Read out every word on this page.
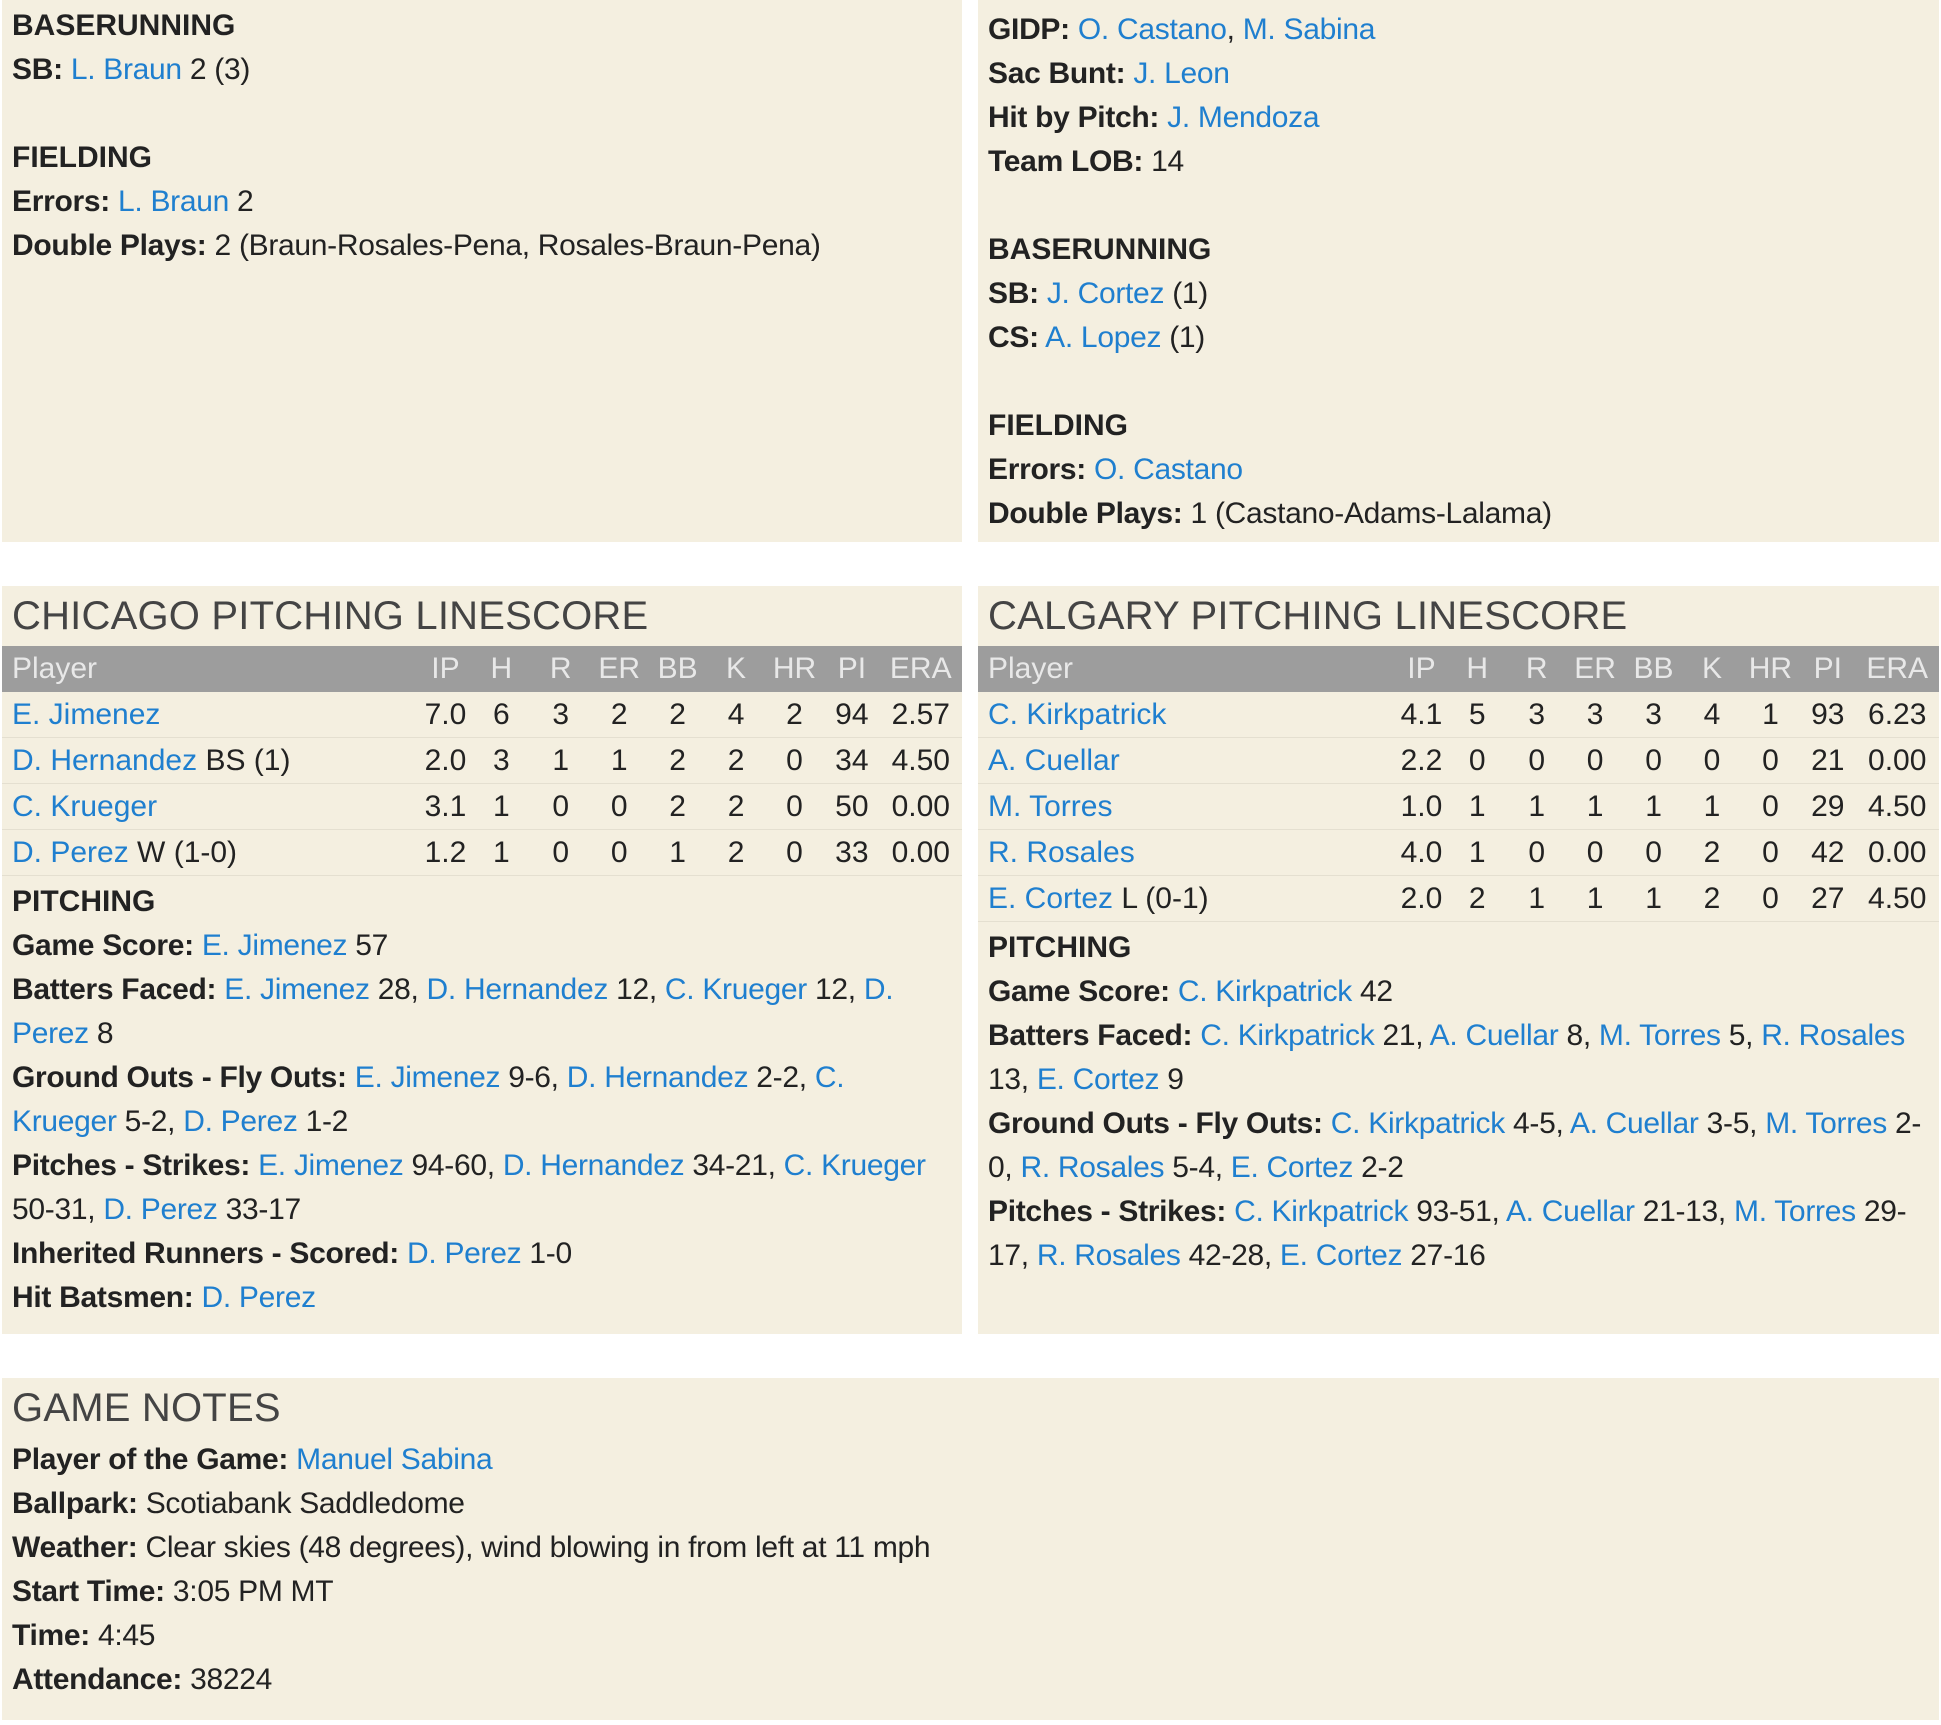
BASERUNNING
SB: L. Braun 2 (3)
FIELDING
Errors: L. Braun 2
Double Plays: 2 (Braun-Rosales-Pena, Rosales-Braun-Pena)
GIDP: O. Castano, M. Sabina
Sac Bunt: J. Leon
Hit by Pitch: J. Mendoza
Team LOB: 14
BASERUNNING
SB: J. Cortez (1)
CS: A. Lopez (1)
FIELDING
Errors: O. Castano
Double Plays: 1 (Castano-Adams-Lalama)
CHICAGO PITCHING LINESCORE
Player	IP	H	R	ER	BB	K	HR	PI	ERA
E. Jimenez	7.0	6	3	2	2	4	2	94	2.57
D. Hernandez BS (1)	2.0	3	1	1	2	2	0	34	4.50
C. Krueger	3.1	1	0	0	2	2	0	50	0.00
D. Perez W (1-0)	1.2	1	0	0	1	2	0	33	0.00
PITCHING
Game Score: E. Jimenez 57
Batters Faced: E. Jimenez 28, D. Hernandez 12, C. Krueger 12, D. Perez 8
Ground Outs - Fly Outs: E. Jimenez 9-6, D. Hernandez 2-2, C. Krueger 5-2, D. Perez 1-2
Pitches - Strikes: E. Jimenez 94-60, D. Hernandez 34-21, C. Krueger 50-31, D. Perez 33-17
Inherited Runners - Scored: D. Perez 1-0
Hit Batsmen: D. Perez
CALGARY PITCHING LINESCORE
Player	IP	H	R	ER	BB	K	HR	PI	ERA
C. Kirkpatrick	4.1	5	3	3	3	4	1	93	6.23
A. Cuellar	2.2	0	0	0	0	0	0	21	0.00
M. Torres	1.0	1	1	1	1	1	0	29	4.50
R. Rosales	4.0	1	0	0	0	2	0	42	0.00
E. Cortez L (0-1)	2.0	2	1	1	1	2	0	27	4.50
PITCHING
Game Score: C. Kirkpatrick 42
Batters Faced: C. Kirkpatrick 21, A. Cuellar 8, M. Torres 5, R. Rosales 13, E. Cortez 9
Ground Outs - Fly Outs: C. Kirkpatrick 4-5, A. Cuellar 3-5, M. Torres 2-0, R. Rosales 5-4, E. Cortez 2-2
Pitches - Strikes: C. Kirkpatrick 93-51, A. Cuellar 21-13, M. Torres 29-17, R. Rosales 42-28, E. Cortez 27-16
GAME NOTES
Player of the Game: Manuel Sabina
Ballpark: Scotiabank Saddledome
Weather: Clear skies (48 degrees), wind blowing in from left at 11 mph
Start Time: 3:05 PM MT
Time: 4:45
Attendance: 38224
